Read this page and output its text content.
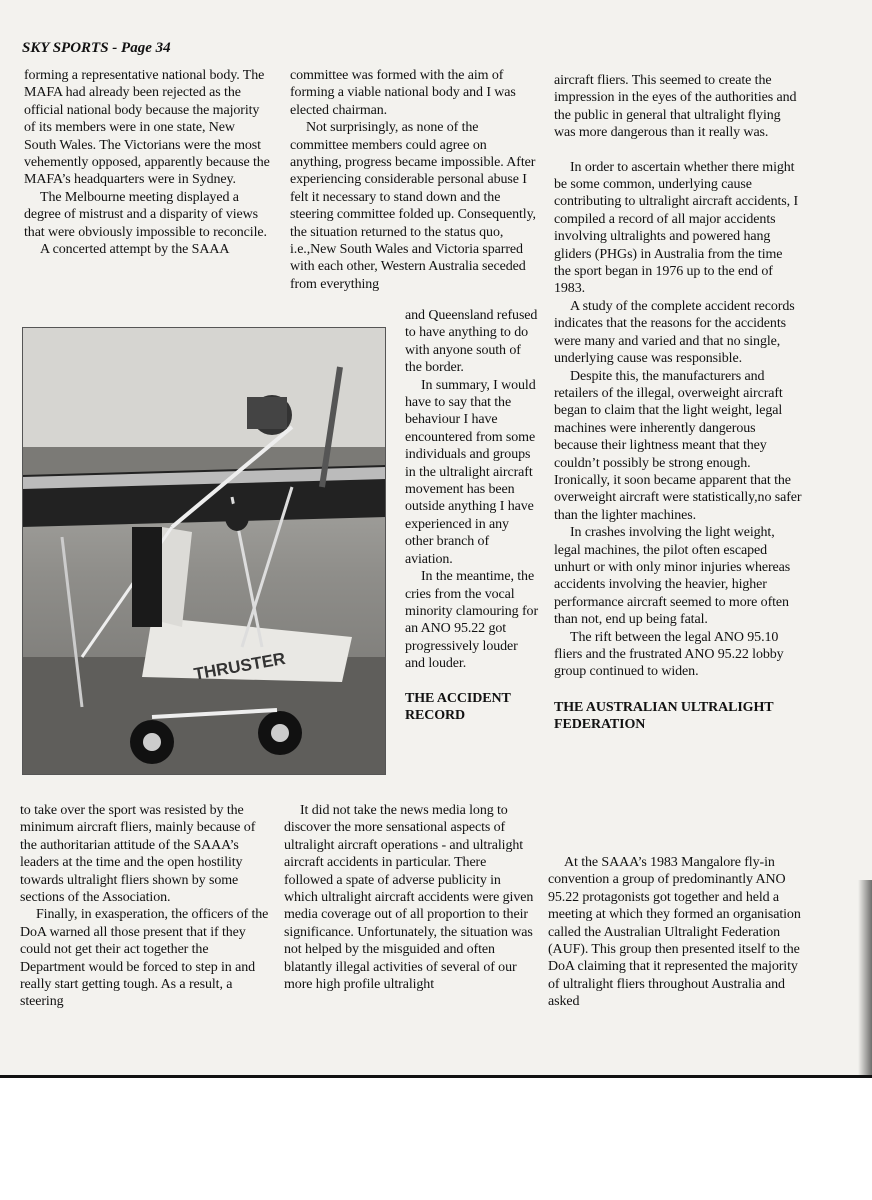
SKY SPORTS - Page 34

forming a representative national body. The MAFA had already been rejected as the official national body because the majority of its members were in one state, New South Wales. The Victorians were the most vehemently opposed, apparently because the MAFA’s headquarters were in Sydney.

The Melbourne meeting displayed a degree of mistrust and a disparity of views that were obviously impossible to reconcile.

A concerted attempt by the SAAA

committee was formed with the aim of forming a viable national body and I was elected chairman.

Not surprisingly, as none of the committee members could agree on anything, progress became impossible. After experiencing considerable personal abuse I felt it necessary to stand down and the steering committee folded up. Consequently, the situation returned to the status quo, i.e.,New South Wales and Victoria sparred with each other, Western Australia seceded from everything

and Queensland refused to have anything to do with anyone south of the border.

In summary, I would have to say that the behaviour I have encountered from some individuals and groups in the ultralight aircraft movement has been outside anything I have experienced in any other branch of aviation.

In the meantime, the cries from the vocal minority clamouring for an ANO 95.22 got progressively louder and louder.

THE ACCIDENT RECORD
THRUSTER

aircraft fliers. This seemed to create the impression in the eyes of the authorities and the public in general that ultralight flying was more dangerous than it really was.

In order to ascertain whether there might be some common, underlying cause contributing to ultralight aircraft accidents, I compiled a record of all major accidents involving ultralights and powered hang gliders (PHGs) in Australia from the time the sport began in 1976 up to the end of 1983.

A study of the complete accident records indicates that the reasons for the accidents were many and varied and that no single, underlying cause was responsible.

Despite this, the manufacturers and retailers of the illegal, overweight aircraft began to claim that the light weight, legal machines were inherently dangerous because their lightness meant that they couldn’t possibly be strong enough. Ironically, it soon became apparent that the overweight aircraft were statistically,no safer than the lighter machines.

In crashes involving the light weight, legal machines, the pilot often escaped unhurt or with only minor injuries whereas accidents involving the heavier, higher performance aircraft seemed to more often than not, end up being fatal.

The rift between the legal ANO 95.10 fliers and the frustrated ANO 95.22 lobby group continued to widen.

THE AUSTRALIAN ULTRALIGHT FEDERATION

to take over the sport was resisted by the minimum aircraft fliers, mainly because of the authoritarian attitude of the SAAA’s leaders at the time and the open hostility towards ultralight fliers shown by some sections of the Association.

Finally, in exasperation, the officers of the DoA warned all those present that if they could not get their act together the Department would be forced to step in and really start getting tough. As a result, a steering

It did not take the news media long to discover the more sensational aspects of ultralight aircraft operations - and ultralight aircraft accidents in particular. There followed a spate of adverse publicity in which ultralight aircraft accidents were given media coverage out of all proportion to their significance. Unfortunately, the situation was not helped by the misguided and often blatantly illegal activities of several of our more high profile ultralight

At the SAAA’s 1983 Mangalore fly-in convention a group of predominantly ANO 95.22 protagonists got together and held a meeting at which they formed an organisation called the Australian Ultralight Federation (AUF). This group then presented itself to the DoA claiming that it represented the majority of ultralight fliers throughout Australia and asked
